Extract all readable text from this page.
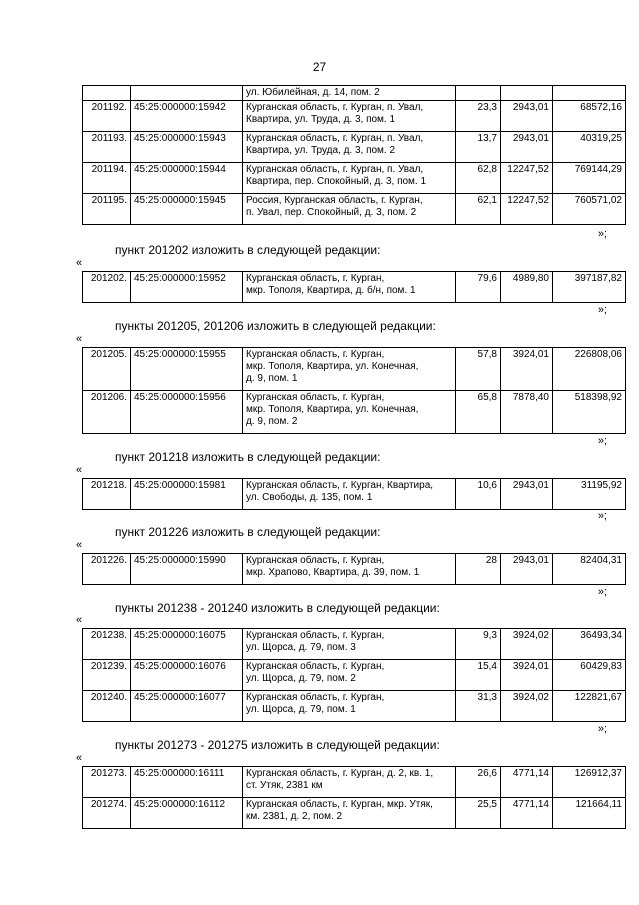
27

		ул. Юбилейная, д. 14, пом. 2			

201192.	45:25:000000:15942	Курганская область, г. Курган, п. Увал,
Квартира, ул. Труда, д. 3, пом. 1	23,3	2943,01	68572,16
201193.	45:25:000000:15943	Курганская область, г. Курган, п. Увал,
Квартира, ул. Труда, д. 3, пом. 2	13,7	2943,01	40319,25
201194.	45:25:000000:15944	Курганская область, г. Курган, п. Увал,
Квартира, пер. Спокойный, д. 3, пом. 1	62,8	12247,52	769144,29
201195.	45:25:000000:15945	Россия, Курганская область, г. Курган,
п. Увал, пер. Спокойный, д. 3, пом. 2	62,1	12247,52	760571,02
»;
пункт 201202 изложить в следующей редакции:
«
201202.	45:25:000000:15952	Курганская область, г. Курган,
мкр. Тополя, Квартира, д. б/н, пом. 1
	79,6	4989,80	397187,82
»;
пункты 201205, 201206 изложить в следующей редакции:
«
201205.	45:25:000000:15955	Курганская область, г. Курган,
мкр. Тополя, Квартира, ул. Конечная,
д. 9, пом. 1	57,8	3924,01	226808,06
201206.	45:25:000000:15956	Курганская область, г. Курган,
мкр. Тополя, Квартира, ул. Конечная,
д. 9, пом. 2	65,8	7878,40	518398,92
»;
пункт 201218 изложить в следующей редакции:
«
201218.	45:25:000000:15981	Курганская область, г. Курган, Квартира,
ул. Свободы, д. 135, пом. 1
	10,6	2943,01	31195,92
»;
пункт 201226 изложить в следующей редакции:
«
201226.	45:25:000000:15990	Курганская область, г. Курган,
мкр. Храпово, Квартира, д. 39, пом. 1
	28	2943,01	82404,31
»;
пункты 201238 - 201240 изложить в следующей редакции:
«
201238.	45:25:000000:16075	Курганская область, г. Курган,
ул. Щорса, д. 79, пом. 3	9,3	3924,02	36493,34
201239.	45:25:000000:16076	Курганская область, г. Курган,
ул. Щорса, д. 79, пом. 2	15,4	3924,01	60429,83
201240.	45:25:000000:16077	Курганская область, г. Курган,
ул. Щорса, д. 79, пом. 1	31,3	3924,02	122821,67
»;
пункты 201273 - 201275 изложить в следующей редакции:
«
201273.	45:25:000000:16111	Курганская область, г. Курган, д. 2, кв. 1,
ст. Утяк, 2381 км	26,6	4771,14	126912,37
201274.	45:25:000000:16112	Курганская область, г. Курган, мкр. Утяк,
км. 2381, д. 2, пом. 2	25,5	4771,14	121664,11
